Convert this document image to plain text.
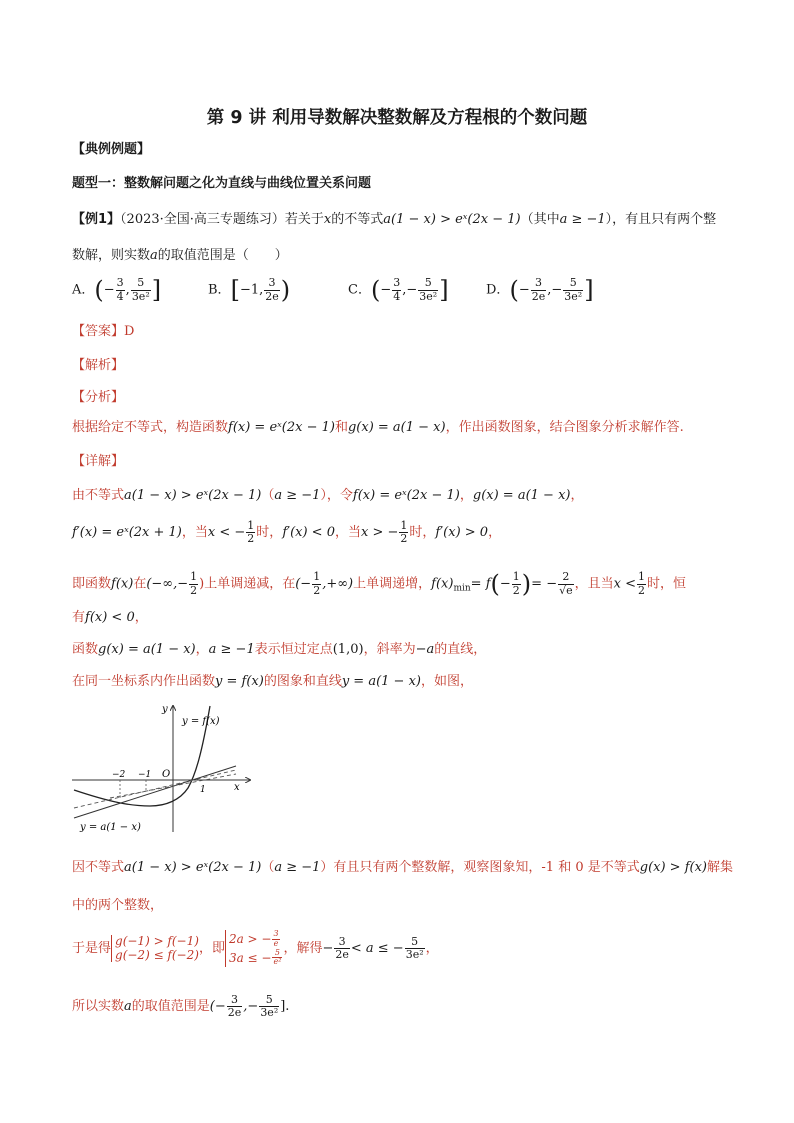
第 9 讲 利用导数解决整数解及方程根的个数问题
【典例例题】
题型一：整数解问题之化为直线与曲线位置关系问题
【例1】（2023·全国·高三专题练习）若关于x的不等式a(1 − x) > eˣ(2x − 1)（其中a ≥ −1），有且只有两个整
数解，则实数a的取值范围是（　　）
A．(− $\frac{3}{4}$ , $\frac{5}{\text{3e²}}$ ]	B．[−1, $\frac{3}{2e}$ )	C．(− $\frac{3}{4}$ ,− $\frac{5}{\text{3e²}}$ ]	D．(− $\frac{3}{2e}$ ,− $\frac{5}{\text{3e²}}$ ]
【答案】D
【解析】
【分析】
根据给定不等式，构造函数f(x) = eˣ(2x − 1)和g(x) = a(1 − x)，作出函数图象，结合图象分析求解作答.
【详解】
由不等式a(1 − x) > eˣ(2x − 1)（a ≥ −1），令f(x) = eˣ(2x − 1)，g(x) = a(1 − x)，
f′(x) = eˣ(2x + 1)，当x < − $\frac{1}{2}$ 时，f′(x) < 0，当x > − $\frac{1}{2}$ 时，f′(x) > 0，
即函数f(x)在(−∞,− $\frac{1}{2}$ )上单调递减，在(− $\frac{1}{2}$ ,+∞)上单调递增，$f(x)_{min}= f(- \frac{1}{2}$ )= − $\frac{2}{√e}$ ，且当$x < \frac{1}{2}$ 时，恒
有f(x) < 0，
函数g(x) = a(1 − x)，a ≥ −1表示恒过定点(1,0)，斜率为−a的直线，
在同一坐标系内作出函数y = f(x)的图象和直线y = a(1 − x)，如图，
y = f(x)
y = a(1 − x)
x
y
O
−2 −1
1
因不等式a(1 − x) > eˣ(2x − 1)（a ≥ −1）有且只有两个整数解，观察图象知，-1 和 0 是不等式g(x) > f(x)解集
中的两个整数，
于是得
g(−1) > f(−1)
g(−2) ≤ f(−2) ，即
2a > − $\frac{3}{e}$
3a ≤ − $\frac{5}{\text{e²}}$ ，解得− $\frac{3}{2e} < a$ ≤ − $\frac{5}{\text{3e²}}$ ，
所以实数a的取值范围是(− $\frac{3}{2e}$ ,− $\frac{5}{\text{3e²}}$ ].
